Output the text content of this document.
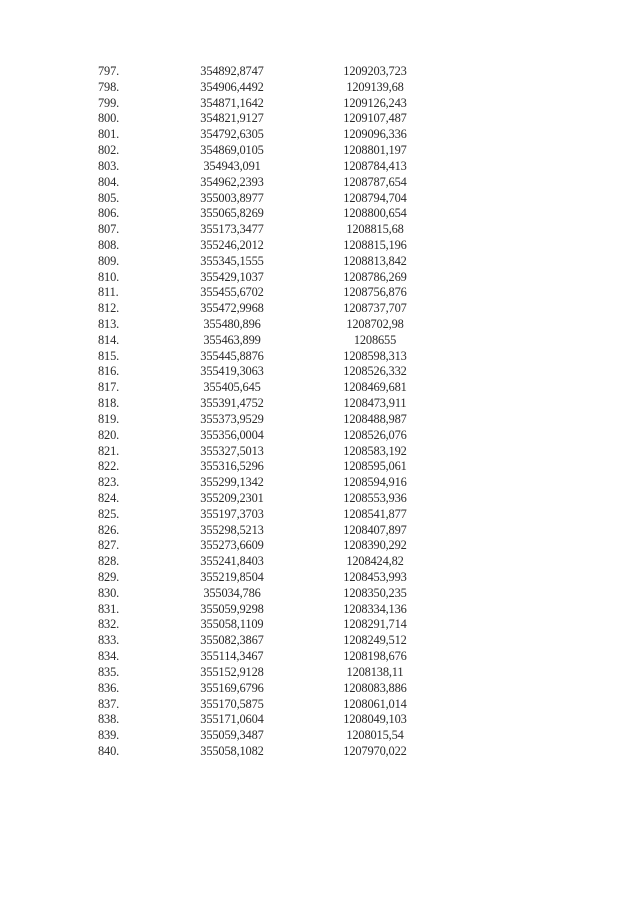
797.	354892,8747		1209203,723
798.	354906,4492		1209139,68
799.	354871,1642		1209126,243
800.	354821,9127		1209107,487
801.	354792,6305		1209096,336
802.	354869,0105		1208801,197
803.	354943,091		1208784,413
804.	354962,2393		1208787,654
805.	355003,8977		1208794,704
806.	355065,8269		1208800,654
807.	355173,3477		1208815,68
808.	355246,2012		1208815,196
809.	355345,1555		1208813,842
810.	355429,1037		1208786,269
811.	355455,6702		1208756,876
812.	355472,9968		1208737,707
813.	355480,896		1208702,98
814.	355463,899		1208655
815.	355445,8876		1208598,313
816.	355419,3063		1208526,332
817.	355405,645		1208469,681
818.	355391,4752		1208473,911
819.	355373,9529		1208488,987
820.	355356,0004		1208526,076
821.	355327,5013		1208583,192
822.	355316,5296		1208595,061
823.	355299,1342		1208594,916
824.	355209,2301		1208553,936
825.	355197,3703		1208541,877
826.	355298,5213		1208407,897
827.	355273,6609		1208390,292
828.	355241,8403		1208424,82
829.	355219,8504		1208453,993
830.	355034,786		1208350,235
831.	355059,9298		1208334,136
832.	355058,1109		1208291,714
833.	355082,3867		1208249,512
834.	355114,3467		1208198,676
835.	355152,9128		1208138,11
836.	355169,6796		1208083,886
837.	355170,5875		1208061,014
838.	355171,0604		1208049,103
839.	355059,3487		1208015,54
840.	355058,1082		1207970,022
